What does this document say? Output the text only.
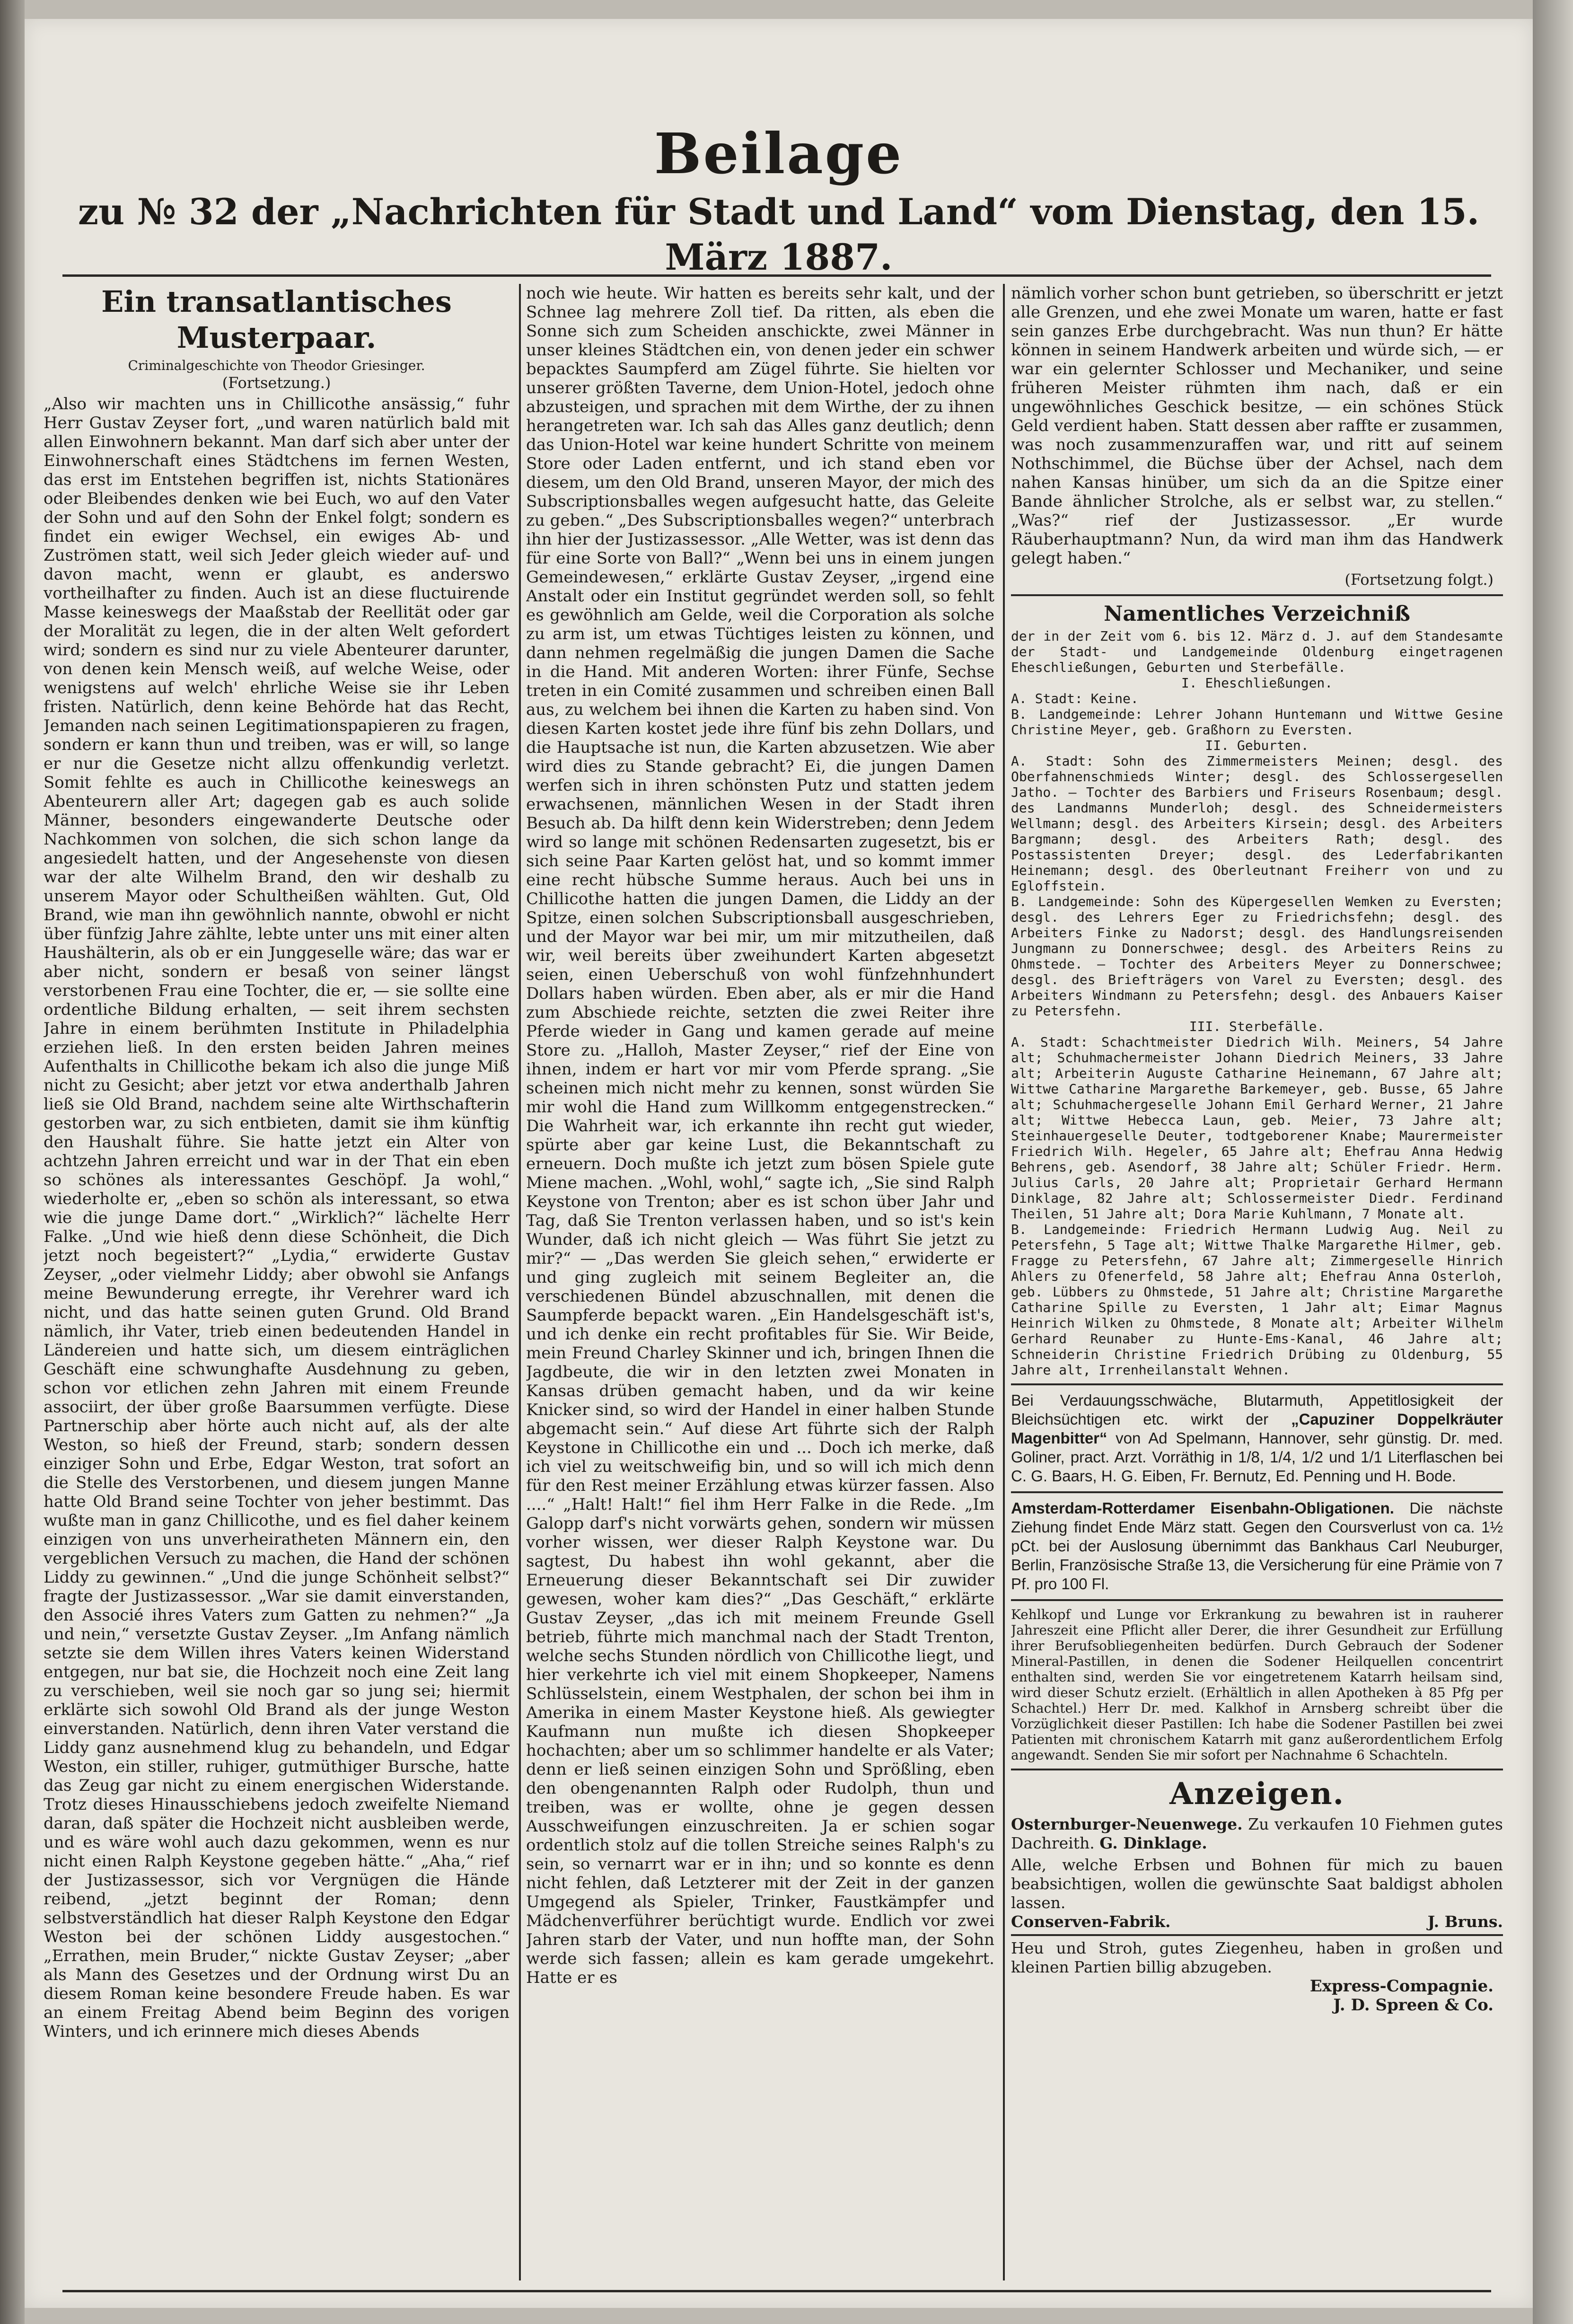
Beilage
zu № 32 der „Nachrichten für Stadt und Land“ vom Dienstag, den 15. März 1887.

Ein transatlantisches Musterpaar.

Criminalgeschichte von Theodor Griesinger.

(Fortsetzung.)

„Also wir machten uns in Chillicothe ansässig,“ fuhr Herr Gustav Zeyser fort, „und waren natürlich bald mit allen Einwohnern bekannt. Man darf sich aber unter der Einwohnerschaft eines Städtchens im fernen Westen, das erst im Entstehen begriffen ist, nichts Stationäres oder Bleibendes denken wie bei Euch, wo auf den Vater der Sohn und auf den Sohn der Enkel folgt; sondern es findet ein ewiger Wechsel, ein ewiges Ab- und Zuströmen statt, weil sich Jeder gleich wieder auf- und davon macht, wenn er glaubt, es anderswo vortheilhafter zu finden. Auch ist an diese fluctuirende Masse keineswegs der Maaßstab der Reellität oder gar der Moralität zu legen, die in der alten Welt gefordert wird; sondern es sind nur zu viele Abenteurer darunter, von denen kein Mensch weiß, auf welche Weise, oder wenigstens auf welch' ehrliche Weise sie ihr Leben fristen. Natürlich, denn keine Behörde hat das Recht, Jemanden nach seinen Legitimationspapieren zu fragen, sondern er kann thun und treiben, was er will, so lange er nur die Gesetze nicht allzu offenkundig verletzt. Somit fehlte es auch in Chillicothe keineswegs an Abenteurern aller Art; dagegen gab es auch solide Männer, besonders eingewanderte Deutsche oder Nachkommen von solchen, die sich schon lange da angesiedelt hatten, und der Angesehenste von diesen war der alte Wilhelm Brand, den wir deshalb zu unserem Mayor oder Schultheißen wählten. Gut, Old Brand, wie man ihn gewöhnlich nannte, obwohl er nicht über fünfzig Jahre zählte, lebte unter uns mit einer alten Haushälterin, als ob er ein Junggeselle wäre; das war er aber nicht, sondern er besaß von seiner längst verstorbenen Frau eine Tochter, die er, — sie sollte eine ordentliche Bildung erhalten, — seit ihrem sechsten Jahre in einem berühmten Institute in Philadelphia erziehen ließ. In den ersten beiden Jahren meines Aufenthalts in Chillicothe bekam ich also die junge Miß nicht zu Gesicht; aber jetzt vor etwa anderthalb Jahren ließ sie Old Brand, nachdem seine alte Wirthschafterin gestorben war, zu sich entbieten, damit sie ihm künftig den Haushalt führe. Sie hatte jetzt ein Alter von achtzehn Jahren erreicht und war in der That ein eben so schönes als interessantes Geschöpf. Ja wohl,“ wiederholte er, „eben so schön als interessant, so etwa wie die junge Dame dort.“ „Wirklich?“ lächelte Herr Falke. „Und wie hieß denn diese Schönheit, die Dich jetzt noch begeistert?“ „Lydia,“ erwiderte Gustav Zeyser, „oder vielmehr Liddy; aber obwohl sie Anfangs meine Bewunderung erregte, ihr Verehrer ward ich nicht, und das hatte seinen guten Grund. Old Brand nämlich, ihr Vater, trieb einen bedeutenden Handel in Ländereien und hatte sich, um diesem einträglichen Geschäft eine schwunghafte Ausdehnung zu geben, schon vor etlichen zehn Jahren mit einem Freunde associirt, der über große Baarsummen verfügte. Diese Partnerschip aber hörte auch nicht auf, als der alte Weston, so hieß der Freund, starb; sondern dessen einziger Sohn und Erbe, Edgar Weston, trat sofort an die Stelle des Verstorbenen, und diesem jungen Manne hatte Old Brand seine Tochter von jeher bestimmt. Das wußte man in ganz Chillicothe, und es fiel daher keinem einzigen von uns unverheiratheten Männern ein, den vergeblichen Versuch zu machen, die Hand der schönen Liddy zu gewinnen.“ „Und die junge Schönheit selbst?“ fragte der Justizassessor. „War sie damit einverstanden, den Associé ihres Vaters zum Gatten zu nehmen?“ „Ja und nein,“ versetzte Gustav Zeyser. „Im Anfang nämlich setzte sie dem Willen ihres Vaters keinen Widerstand entgegen, nur bat sie, die Hochzeit noch eine Zeit lang zu verschieben, weil sie noch gar so jung sei; hiermit erklärte sich sowohl Old Brand als der junge Weston einverstanden. Natürlich, denn ihren Vater verstand die Liddy ganz ausnehmend klug zu behandeln, und Edgar Weston, ein stiller, ruhiger, gutmüthiger Bursche, hatte das Zeug gar nicht zu einem energischen Widerstande. Trotz dieses Hinausschiebens jedoch zweifelte Niemand daran, daß später die Hochzeit nicht ausbleiben werde, und es wäre wohl auch dazu gekommen, wenn es nur nicht einen Ralph Keystone gegeben hätte.“ „Aha,“ rief der Justizassessor, sich vor Vergnügen die Hände reibend, „jetzt beginnt der Roman; denn selbstverständlich hat dieser Ralph Keystone den Edgar Weston bei der schönen Liddy ausgestochen.“ „Errathen, mein Bruder,“ nickte Gustav Zeyser; „aber als Mann des Gesetzes und der Ordnung wirst Du an diesem Roman keine besondere Freude haben. Es war an einem Freitag Abend beim Beginn des vorigen Winters, und ich erinnere mich dieses Abends

noch wie heute. Wir hatten es bereits sehr kalt, und der Schnee lag mehrere Zoll tief. Da ritten, als eben die Sonne sich zum Scheiden anschickte, zwei Männer in unser kleines Städtchen ein, von denen jeder ein schwer bepacktes Saumpferd am Zügel führte. Sie hielten vor unserer größten Taverne, dem Union-Hotel, jedoch ohne abzusteigen, und sprachen mit dem Wirthe, der zu ihnen herangetreten war. Ich sah das Alles ganz deutlich; denn das Union-Hotel war keine hundert Schritte von meinem Store oder Laden entfernt, und ich stand eben vor diesem, um den Old Brand, unseren Mayor, der mich des Subscriptionsballes wegen aufgesucht hatte, das Geleite zu geben.“ „Des Subscriptionsballes wegen?“ unterbrach ihn hier der Justizassessor. „Alle Wetter, was ist denn das für eine Sorte von Ball?“ „Wenn bei uns in einem jungen Gemeindewesen,“ erklärte Gustav Zeyser, „irgend eine Anstalt oder ein Institut gegründet werden soll, so fehlt es gewöhnlich am Gelde, weil die Corporation als solche zu arm ist, um etwas Tüchtiges leisten zu können, und dann nehmen regelmäßig die jungen Damen die Sache in die Hand. Mit anderen Worten: ihrer Fünfe, Sechse treten in ein Comité zusammen und schreiben einen Ball aus, zu welchem bei ihnen die Karten zu haben sind. Von diesen Karten kostet jede ihre fünf bis zehn Dollars, und die Hauptsache ist nun, die Karten abzusetzen. Wie aber wird dies zu Stande gebracht? Ei, die jungen Damen werfen sich in ihren schönsten Putz und statten jedem erwachsenen, männlichen Wesen in der Stadt ihren Besuch ab. Da hilft denn kein Widerstreben; denn Jedem wird so lange mit schönen Redensarten zugesetzt, bis er sich seine Paar Karten gelöst hat, und so kommt immer eine recht hübsche Summe heraus. Auch bei uns in Chillicothe hatten die jungen Damen, die Liddy an der Spitze, einen solchen Subscriptionsball ausgeschrieben, und der Mayor war bei mir, um mir mitzutheilen, daß wir, weil bereits über zweihundert Karten abgesetzt seien, einen Ueberschuß von wohl fünfzehnhundert Dollars haben würden. Eben aber, als er mir die Hand zum Abschiede reichte, setzten die zwei Reiter ihre Pferde wieder in Gang und kamen gerade auf meine Store zu. „Halloh, Master Zeyser,“ rief der Eine von ihnen, indem er hart vor mir vom Pferde sprang. „Sie scheinen mich nicht mehr zu kennen, sonst würden Sie mir wohl die Hand zum Willkomm entgegenstrecken.“ Die Wahrheit war, ich erkannte ihn recht gut wieder, spürte aber gar keine Lust, die Bekanntschaft zu erneuern. Doch mußte ich jetzt zum bösen Spiele gute Miene machen. „Wohl, wohl,“ sagte ich, „Sie sind Ralph Keystone von Trenton; aber es ist schon über Jahr und Tag, daß Sie Trenton verlassen haben, und so ist's kein Wunder, daß ich nicht gleich — Was führt Sie jetzt zu mir?“ — „Das werden Sie gleich sehen,“ erwiderte er und ging zugleich mit seinem Begleiter an, die verschiedenen Bündel abzuschnallen, mit denen die Saumpferde bepackt waren. „Ein Handelsgeschäft ist's, und ich denke ein recht profitables für Sie. Wir Beide, mein Freund Charley Skinner und ich, bringen Ihnen die Jagdbeute, die wir in den letzten zwei Monaten in Kansas drüben gemacht haben, und da wir keine Knicker sind, so wird der Handel in einer halben Stunde abgemacht sein.“ Auf diese Art führte sich der Ralph Keystone in Chillicothe ein und ... Doch ich merke, daß ich viel zu weitschweifig bin, und so will ich mich denn für den Rest meiner Erzählung etwas kürzer fassen. Also ....“ „Halt! Halt!“ fiel ihm Herr Falke in die Rede. „Im Galopp darf's nicht vorwärts gehen, sondern wir müssen vorher wissen, wer dieser Ralph Keystone war. Du sagtest, Du habest ihn wohl gekannt, aber die Erneuerung dieser Bekanntschaft sei Dir zuwider gewesen, woher kam dies?“ „Das Geschäft,“ erklärte Gustav Zeyser, „das ich mit meinem Freunde Gsell betrieb, führte mich manchmal nach der Stadt Trenton, welche sechs Stunden nördlich von Chillicothe liegt, und hier verkehrte ich viel mit einem Shopkeeper, Namens Schlüsselstein, einem Westphalen, der schon bei ihm in Amerika in einem Master Keystone hieß. Als gewiegter Kaufmann nun mußte ich diesen Shopkeeper hochachten; aber um so schlimmer handelte er als Vater; denn er ließ seinen einzigen Sohn und Sprößling, eben den obengenannten Ralph oder Rudolph, thun und treiben, was er wollte, ohne je gegen dessen Ausschweifungen einzuschreiten. Ja er schien sogar ordentlich stolz auf die tollen Streiche seines Ralph's zu sein, so vernarrt war er in ihn; und so konnte es denn nicht fehlen, daß Letzterer mit der Zeit in der ganzen Umgegend als Spieler, Trinker, Faustkämpfer und Mädchenverführer berüchtigt wurde. Endlich vor zwei Jahren starb der Vater, und nun hoffte man, der Sohn werde sich fassen; allein es kam gerade umgekehrt. Hatte er es

nämlich vorher schon bunt getrieben, so überschritt er jetzt alle Grenzen, und ehe zwei Monate um waren, hatte er fast sein ganzes Erbe durchgebracht. Was nun thun? Er hätte können in seinem Handwerk arbeiten und würde sich, — er war ein gelernter Schlosser und Mechaniker, und seine früheren Meister rühmten ihm nach, daß er ein ungewöhnliches Geschick besitze, — ein schönes Stück Geld verdient haben. Statt dessen aber raffte er zusammen, was noch zusammenzuraffen war, und ritt auf seinem Nothschimmel, die Büchse über der Achsel, nach dem nahen Kansas hinüber, um sich da an die Spitze einer Bande ähnlicher Strolche, als er selbst war, zu stellen.“ „Was?“ rief der Justizassessor. „Er wurde Räuberhauptmann? Nun, da wird man ihm das Handwerk gelegt haben.“

(Fortsetzung folgt.)

Namentliches Verzeichniß

der in der Zeit vom 6. bis 12. März d. J. auf dem Standesamte der Stadt- und Landgemeinde Oldenburg eingetragenen Eheschließungen, Geburten und Sterbefälle.

I. Eheschließungen.

A. Stadt: Keine.
B. Landgemeinde: Lehrer Johann Huntemann und Wittwe Gesine Christine Meyer, geb. Graßhorn zu Eversten.

II. Geburten.

A. Stadt: Sohn des Zimmermeisters Meinen; desgl. des Oberfahnenschmieds Winter; desgl. des Schlossergesellen Jatho. — Tochter des Barbiers und Friseurs Rosenbaum; desgl. des Landmanns Munderloh; desgl. des Schneidermeisters Wellmann; desgl. des Arbeiters Kirsein; desgl. des Arbeiters Bargmann; desgl. des Arbeiters Rath; desgl. des Postassistenten Dreyer; desgl. des Lederfabrikanten Heinemann; desgl. des Oberleutnant Freiherr von und zu Egloffstein.
B. Landgemeinde: Sohn des Küpergesellen Wemken zu Eversten; desgl. des Lehrers Eger zu Friedrichsfehn; desgl. des Arbeiters Finke zu Nadorst; desgl. des Handlungsreisenden Jungmann zu Donnerschwee; desgl. des Arbeiters Reins zu Ohmstede. — Tochter des Arbeiters Meyer zu Donnerschwee; desgl. des Briefträgers von Varel zu Eversten; desgl. des Arbeiters Windmann zu Petersfehn; desgl. des Anbauers Kaiser zu Petersfehn.

III. Sterbefälle.

A. Stadt: Schachtmeister Diedrich Wilh. Meiners, 54 Jahre alt; Schuhmachermeister Johann Diedrich Meiners, 33 Jahre alt; Arbeiterin Auguste Catharine Heinemann, 67 Jahre alt; Wittwe Catharine Margarethe Barkemeyer, geb. Busse, 65 Jahre alt; Schuhmachergeselle Johann Emil Gerhard Werner, 21 Jahre alt; Wittwe Hebecca Laun, geb. Meier, 73 Jahre alt; Steinhauergeselle Deuter, todtgeborener Knabe; Maurermeister Friedrich Wilh. Hegeler, 65 Jahre alt; Ehefrau Anna Hedwig Behrens, geb. Asendorf, 38 Jahre alt; Schüler Friedr. Herm. Julius Carls, 20 Jahre alt; Proprietair Gerhard Hermann Dinklage, 82 Jahre alt; Schlossermeister Diedr. Ferdinand Theilen, 51 Jahre alt; Dora Marie Kuhlmann, 7 Monate alt.
B. Landgemeinde: Friedrich Hermann Ludwig Aug. Neil zu Petersfehn, 5 Tage alt; Wittwe Thalke Margarethe Hilmer, geb. Fragge zu Petersfehn, 67 Jahre alt; Zimmergeselle Hinrich Ahlers zu Ofenerfeld, 58 Jahre alt; Ehefrau Anna Osterloh, geb. Lübbers zu Ohmstede, 51 Jahre alt; Christine Margarethe Catharine Spille zu Eversten, 1 Jahr alt; Eimar Magnus Heinrich Wilken zu Ohmstede, 8 Monate alt; Arbeiter Wilhelm Gerhard Reunaber zu Hunte-Ems-Kanal, 46 Jahre alt; Schneiderin Christine Friedrich Drübing zu Oldenburg, 55 Jahre alt, Irrenheilanstalt Wehnen.

Bei Verdauungsschwäche, Blutarmuth, Appetitlosigkeit der Bleichsüchtigen etc. wirkt der „Capuziner Doppelkräuter Magenbitter“ von Ad Spelmann, Hannover, sehr günstig. Dr. med. Goliner, pract. Arzt. Vorräthig in 1/8, 1/4, 1/2 und 1/1 Literflaschen bei C. G. Baars, H. G. Eiben, Fr. Bernutz, Ed. Penning und H. Bode.

Amsterdam-Rotterdamer Eisenbahn-Obligationen. Die nächste Ziehung findet Ende März statt. Gegen den Coursverlust von ca. 1½ pCt. bei der Auslosung übernimmt das Bankhaus Carl Neuburger, Berlin, Französische Straße 13, die Versicherung für eine Prämie von 7 Pf. pro 100 Fl.

Kehlkopf und Lunge vor Erkrankung zu bewahren ist in rauherer Jahreszeit eine Pflicht aller Derer, die ihrer Gesundheit zur Erfüllung ihrer Berufsobliegenheiten bedürfen. Durch Gebrauch der Sodener Mineral-Pastillen, in denen die Sodener Heilquellen concentrirt enthalten sind, werden Sie vor eingetretenem Katarrh heilsam sind, wird dieser Schutz erzielt. (Erhältlich in allen Apotheken à 85 Pfg per Schachtel.) Herr Dr. med. Kalkhof in Arnsberg schreibt über die Vorzüglichkeit dieser Pastillen: Ich habe die Sodener Pastillen bei zwei Patienten mit chronischem Katarrh mit ganz außerordentlichem Erfolg angewandt. Senden Sie mir sofort per Nachnahme 6 Schachteln.

Anzeigen.

Osternburger-Neuenwege. Zu verkaufen 10 Fiehmen gutes Dachreith. G. Dinklage.

Alle, welche Erbsen und Bohnen für mich zu bauen beabsichtigen, wollen die gewünschte Saat baldigst abholen lassen.

Conserven-Fabrik.	J. Bruns.

Heu und Stroh, gutes Ziegenheu, haben in großen und kleinen Partien billig abzugeben.

Express-Compagnie.

J. D. Spreen & Co.
